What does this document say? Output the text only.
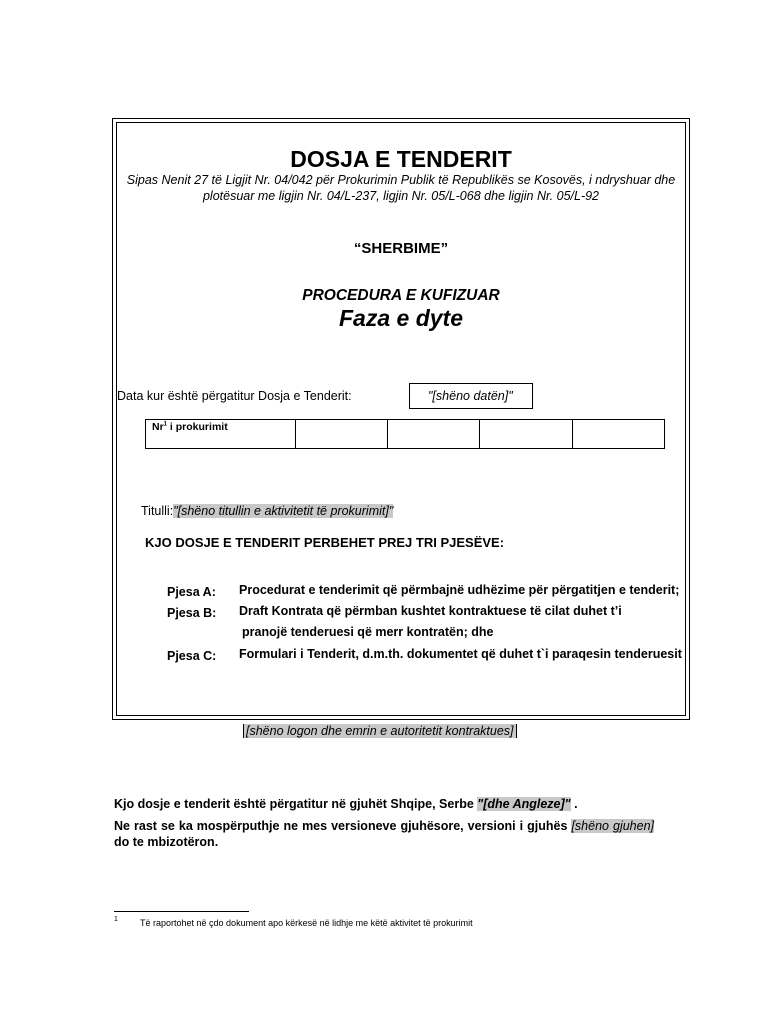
DOSJA E TENDERIT
Sipas Nenit 27 të Ligjit Nr. 04/042 për Prokurimin Publik të Republikës se Kosovës, i ndryshuar dhe
plotësuar me ligjin Nr. 04/L-237, ligjin Nr. 05/L-068 dhe ligjin Nr. 05/L-92
“SHERBIME”
PROCEDURA E KUFIZUAR
Faza e dyte
Data kur është përgatitur Dosja e Tenderit:	"[shëno datën]"
Nr$^1$ i prokurimit				
Titulli:"[shëno titullin e aktivitetit të prokurimit]"
KJO DOSJE E TENDERIT PERBEHET PREJ TRI PJESËVE:
Pjesa A: Procedurat e tenderimit që përmbajnë udhëzime për përgatitjen e tenderit;
Pjesa B: Draft Kontrata që përmban kushtet kontraktuese të cilat duhet t’i
pranojë tenderuesi që merr kontratën; dhe
Pjesa C: Formulari i Tenderit, d.m.th. dokumentet që duhet t`i paraqesin tenderuesit
[shëno logon dhe emrin e autoritetit kontraktues]
Kjo dosje e tenderit është përgatitur në gjuhët Shqipe, Serbe "[dhe Angleze]" .
Ne rast se ka mospërputhje ne mes versioneve gjuhësore, versioni i gjuhës [shëno gjuhen] do te mbizotëron.
1 Të raportohet në çdo dokument apo kërkesë në lidhje me këtë aktivitet të prokurimit
